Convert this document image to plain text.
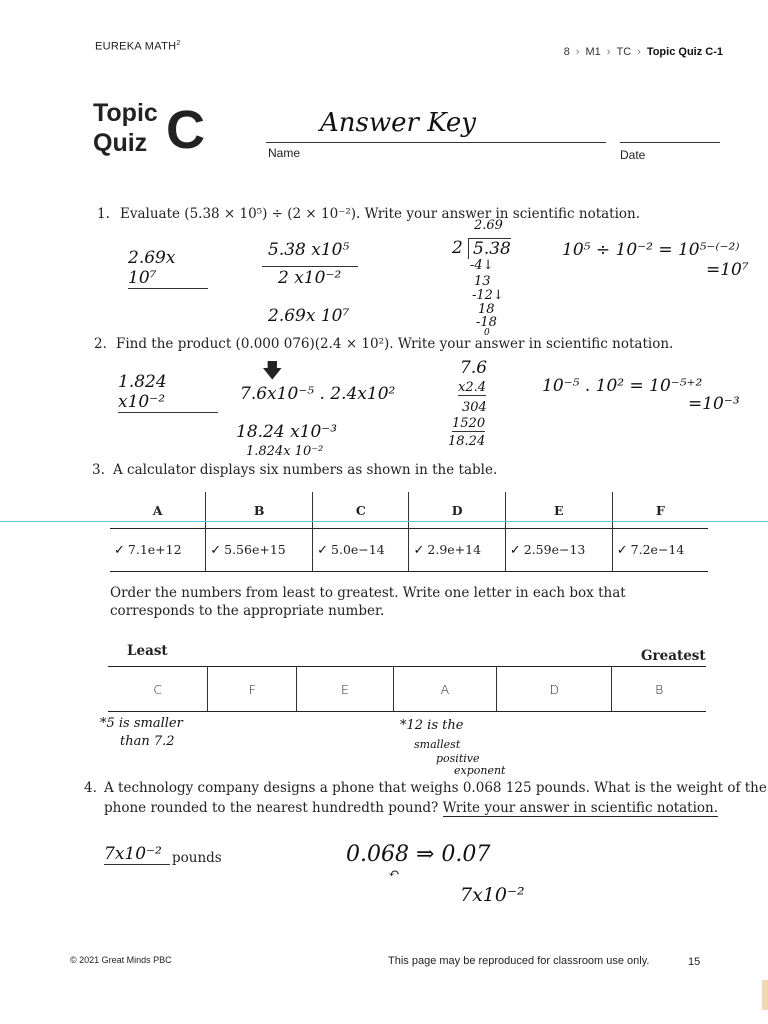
EUREKA MATH$^2$
8 › M1 › TC › Topic Quiz C-1
Topic
Quiz C	Name	Date
Answer Key
1. Evaluate (5.38 × 10⁵) ÷ (2 × 10⁻²). Write your answer in scientific notation.
2.69x 10⁷
5.38 x10⁵
2 x10⁻²
2.69x 10⁷
2.69
2 5.38
-4↓
13
-12↓
18
-18
0
10⁵ ÷ 10⁻² = 10⁵⁻⁽⁻²⁾
=10⁷
2. Find the product (0.000 076)(2.4 × 10²). Write your answer in scientific notation.
1.824 x10⁻²
🡇
7.6x10⁻⁵ . 2.4x10²
18.24 x10⁻³
1.824x 10⁻²
7.6
x2.4
304
1520
18.24
10⁻⁵ . 10² = 10⁻⁵⁺²
=10⁻³
3. A calculator displays six numbers as shown in the table.
A	B	C	D	E	F
✓ 7.1e+12	✓ 5.56e+15	✓ 5.0e−14	✓ 2.9e+14	✓ 2.59e−13	✓ 7.2e−14
Order the numbers from least to greatest. Write one letter in each box that corresponds to the appropriate number.
Least	Greatest
C	F	E	A	D	B
*5 is smaller
than 7.2
*12 is the
smallest
positive
exponent
4. A technology company designs a phone that weighs 0.068 125 pounds. What is the weight of the
phone rounded to the nearest hundredth pound? Write your answer in scientific notation.
7x10⁻² pounds	0.068 ⇒ 0.07
↶
7x10⁻²
© 2021 Great Minds PBC	This page may be reproduced for classroom use only.	15
